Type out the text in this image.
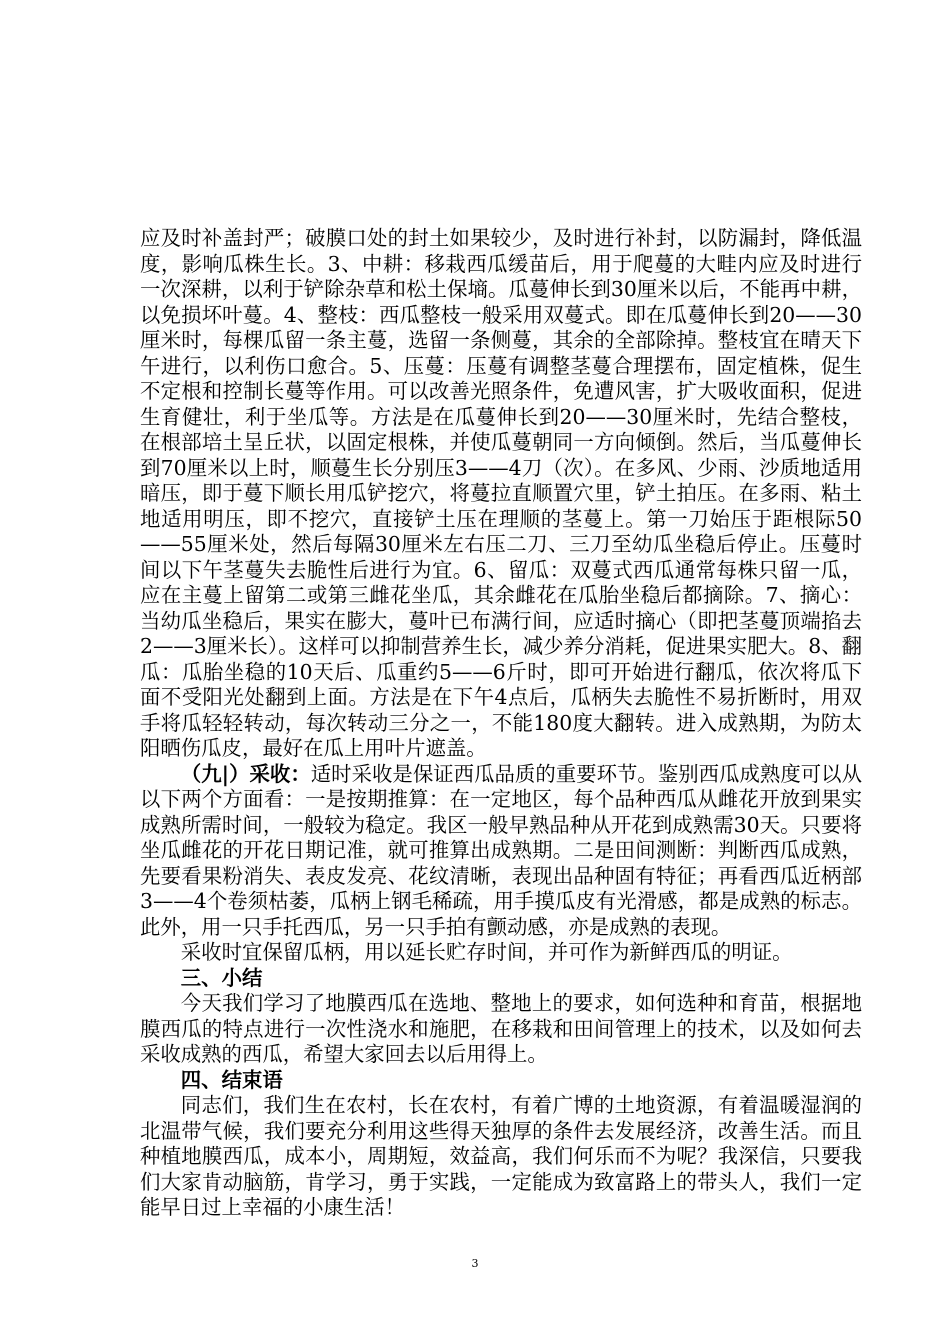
应及时补盖封严；破膜口处的封土如果较少，及时进行补封，以防漏封，降低温度，影响瓜株生长。3、中耕：移栽西瓜缓苗后，用于爬蔓的大畦内应及时进行一次深耕，以利于铲除杂草和松土保墒。瓜蔓伸长到30厘米以后，不能再中耕，以免损坏叶蔓。4、整枝：西瓜整枝一般采用双蔓式。即在瓜蔓伸长到20——30厘米时，每棵瓜留一条主蔓，选留一条侧蔓，其余的全部除掉。整枝宜在晴天下午进行，以利伤口愈合。5、压蔓：压蔓有调整茎蔓合理摆布，固定植株，促生不定根和控制长蔓等作用。可以改善光照条件，免遭风害，扩大吸收面积，促进生育健壮，利于坐瓜等。方法是在瓜蔓伸长到20——30厘米时，先结合整枝，在根部培土呈丘状，以固定根株，并使瓜蔓朝同一方向倾倒。然后，当瓜蔓伸长到70厘米以上时，顺蔓生长分别压3——4刀（次）。在多风、少雨、沙质地适用暗压，即于蔓下顺长用瓜铲挖穴，将蔓拉直顺置穴里，铲土拍压。在多雨、粘土地适用明压，即不挖穴，直接铲土压在理顺的茎蔓上。第一刀始压于距根际50——55厘米处，然后每隔30厘米左右压二刀、三刀至幼瓜坐稳后停止。压蔓时间以下午茎蔓失去脆性后进行为宜。6、留瓜：双蔓式西瓜通常每株只留一瓜，应在主蔓上留第二或第三雌花坐瓜，其余雌花在瓜胎坐稳后都摘除。7、摘心：当幼瓜坐稳后，果实在膨大，蔓叶已布满行间，应适时摘心（即把茎蔓顶端掐去2——3厘米长）。这样可以抑制营养生长，减少养分消耗，促进果实肥大。8、翻瓜：瓜胎坐稳的10天后、瓜重约5——6斤时，即可开始进行翻瓜，依次将瓜下面不受阳光处翻到上面。方法是在下午4点后，瓜柄失去脆性不易折断时，用双手将瓜轻轻转动，每次转动三分之一，不能180度大翻转。进入成熟期，为防太阳晒伤瓜皮，最好在瓜上用叶片遮盖。

（九|）采收：适时采收是保证西瓜品质的重要环节。鉴别西瓜成熟度可以从以下两个方面看：一是按期推算：在一定地区，每个品种西瓜从雌花开放到果实成熟所需时间，一般较为稳定。我区一般早熟品种从开花到成熟需30天。只要将坐瓜雌花的开花日期记准，就可推算出成熟期。二是田间测断：判断西瓜成熟，先要看果粉消失、表皮发亮、花纹清晰，表现出品种固有特征；再看西瓜近柄部3——4个卷须枯萎，瓜柄上钢毛稀疏，用手摸瓜皮有光滑感，都是成熟的标志。此外，用一只手托西瓜，另一只手拍有颤动感，亦是成熟的表现。

采收时宜保留瓜柄，用以延长贮存时间，并可作为新鲜西瓜的明证。

三、小结

今天我们学习了地膜西瓜在选地、整地上的要求，如何选种和育苗，根据地膜西瓜的特点进行一次性浇水和施肥，在移栽和田间管理上的技术，以及如何去采收成熟的西瓜，希望大家回去以后用得上。

四、结束语

同志们，我们生在农村，长在农村，有着广博的土地资源，有着温暖湿润的北温带气候，我们要充分利用这些得天独厚的条件去发展经济，改善生活。而且种植地膜西瓜，成本小，周期短，效益高，我们何乐而不为呢？我深信，只要我们大家肯动脑筋，肯学习，勇于实践，一定能成为致富路上的带头人，我们一定能早日过上幸福的小康生活！

3
